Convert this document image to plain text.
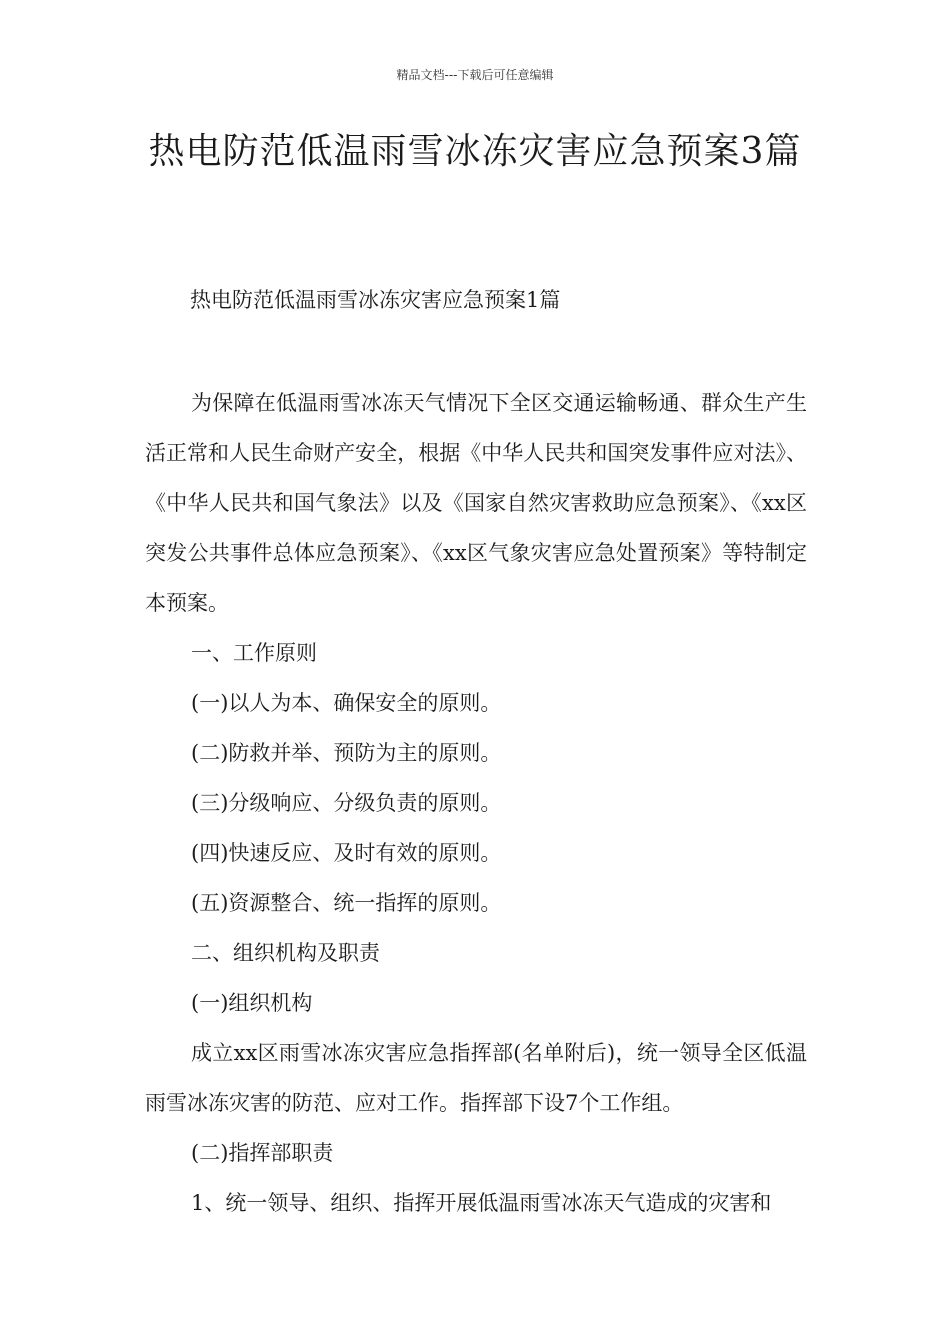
精品文档---下载后可任意编辑
热电防范低温雨雪冰冻灾害应急预案3篇
热电防范低温雨雪冰冻灾害应急预案1篇

为保障在低温雨雪冰冻天气情况下全区交通运输畅通、群众生产生活正常和人民生命财产安全，根据《中华人民共和国突发事件应对法》、《中华人民共和国气象法》以及《国家自然灾害救助应急预案》、《xx区突发公共事件总体应急预案》、《xx区气象灾害应急处置预案》等特制定本预案。

一、工作原则

(一)以人为本、确保安全的原则。

(二)防救并举、预防为主的原则。

(三)分级响应、分级负责的原则。

(四)快速反应、及时有效的原则。

(五)资源整合、统一指挥的原则。

二、组织机构及职责

(一)组织机构

成立xx区雨雪冰冻灾害应急指挥部(名单附后)，统一领导全区低温雨雪冰冻灾害的防范、应对工作。指挥部下设7个工作组。

(二)指挥部职责

1、统一领导、组织、指挥开展低温雨雪冰冻天气造成的灾害和
